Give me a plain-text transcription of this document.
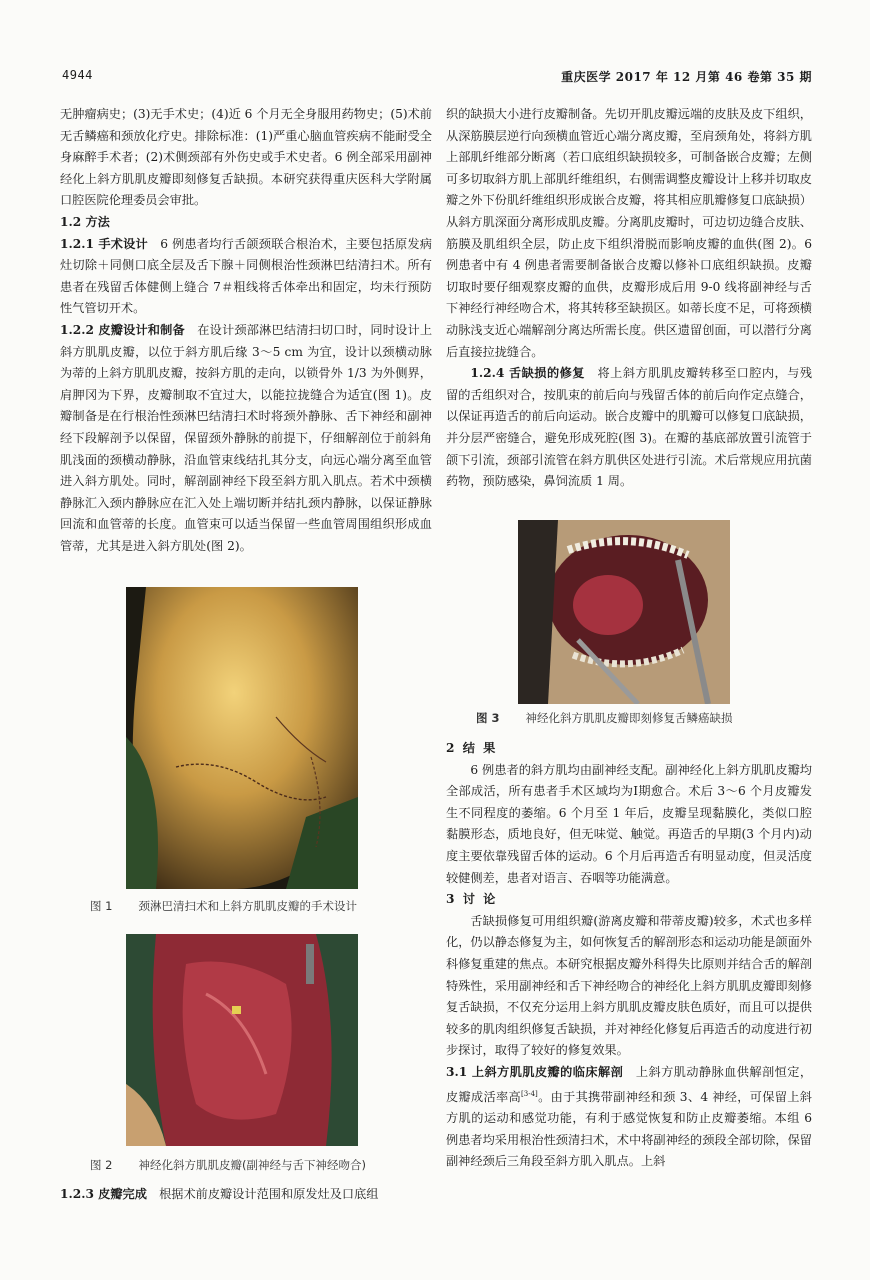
4944	重庆医学 2017 年 12 月第 46 卷第 35 期

无肿瘤病史；(3)无手术史；(4)近 6 个月无全身服用药物史；(5)术前无舌鳞癌和颈放化疗史。排除标准：(1)严重心脑血管疾病不能耐受全身麻醉手术者；(2)术侧颈部有外伤史或手术史者。6 例全部采用副神经化上斜方肌肌皮瓣即刻修复舌缺损。本研究获得重庆医科大学附属口腔医院伦理委员会审批。

1.2 方法

1.2.1 手术设计　 6 例患者均行舌颌颈联合根治术，主要包括原发病灶切除＋同侧口底全层及舌下腺＋同侧根治性颈淋巴结清扫术。所有患者在残留舌体健侧上缝合 7＃粗线将舌体牵出和固定，均未行预防性气管切开术。

1.2.2 皮瓣设计和制备　 在设计颈部淋巴结清扫切口时，同时设计上斜方肌肌皮瓣，以位于斜方肌后缘 3～5 cm 为宜，设计以颈横动脉为蒂的上斜方肌肌皮瓣，按斜方肌的走向，以锁骨外 1/3 为外侧界，肩胛冈为下界，皮瓣制取不宜过大，以能拉拢缝合为适宜(图 1)。皮瓣制备是在行根治性颈淋巴结清扫术时将颈外静脉、舌下神经和副神经下段解剖予以保留，保留颈外静脉的前提下，仔细解剖位于前斜角肌浅面的颈横动静脉，沿血管束线结扎其分支，向远心端分离至血管进入斜方肌处。同时，解剖副神经下段至斜方肌入肌点。若术中颈横静脉汇入颈内静脉应在汇入处上端切断并结扎颈内静脉，以保证静脉回流和血管蒂的长度。血管束可以适当保留一些血管周围组织形成血管蒂，尤其是进入斜方肌处(图 2)。

图 1 颈淋巴清扫术和上斜方肌肌皮瓣的手术设计
图 2 神经化斜方肌肌皮瓣(副神经与舌下神经吻合)
1.2.3 皮瓣完成　 根据术前皮瓣设计范围和原发灶及口底组

织的缺损大小进行皮瓣制备。先切开肌皮瓣远端的皮肤及皮下组织，从深筋膜层逆行向颈横血管近心端分离皮瓣，至肩颈角处，将斜方肌上部肌纤维部分断离（若口底组织缺损较多，可制备嵌合皮瓣；左侧可多切取斜方肌上部肌纤维组织，右侧需调整皮瓣设计上移并切取皮瓣之外下份肌纤维组织形成嵌合皮瓣，将其相应肌瓣修复口底缺损）从斜方肌深面分离形成肌皮瓣。分离肌皮瓣时，可边切边缝合皮肤、筋膜及肌组织全层，防止皮下组织滑脱而影响皮瓣的血供(图 2)。6 例患者中有 4 例患者需要制备嵌合皮瓣以修补口底组织缺损。皮瓣切取时要仔细观察皮瓣的血供，皮瓣形成后用 9-0 线将副神经与舌下神经行神经吻合术，将其转移至缺损区。如蒂长度不足，可将颈横动脉浅支近心端解剖分离达所需长度。供区遗留创面，可以潜行分离后直接拉拢缝合。

1.2.4 舌缺损的修复　 将上斜方肌肌皮瓣转移至口腔内，与残留的舌组织对合，按肌束的前后向与残留舌体的前后向作定点缝合，以保证再造舌的前后向运动。嵌合皮瓣中的肌瓣可以修复口底缺损，并分层严密缝合，避免形成死腔(图 3)。在瓣的基底部放置引流管于颌下引流，颈部引流管在斜方肌供区处进行引流。术后常规应用抗菌药物，预防感染，鼻饲流质 1 周。

图 3 神经化斜方肌肌皮瓣即刻修复舌鳞癌缺损

2 结 果

6 例患者的斜方肌均由副神经支配。副神经化上斜方肌肌皮瓣均全部成活，所有患者手术区域均为Ⅰ期愈合。术后 3～6 个月皮瓣发生不同程度的萎缩。6 个月至 1 年后，皮瓣呈现黏膜化，类似口腔黏膜形态，质地良好，但无味觉、触觉。再造舌的早期(3 个月内)动度主要依靠残留舌体的运动。6 个月后再造舌有明显动度，但灵活度较健侧差，患者对语言、吞咽等功能满意。

3 讨 论

舌缺损修复可用组织瓣(游离皮瓣和带蒂皮瓣)较多，术式也多样化，仍以静态修复为主，如何恢复舌的解剖形态和运动功能是颌面外科修复重建的焦点。本研究根据皮瓣外科得失比原则并结合舌的解剖特殊性，采用副神经和舌下神经吻合的神经化上斜方肌肌皮瓣即刻修复舌缺损，不仅充分运用上斜方肌肌皮瓣皮肤色质好，而且可以提供较多的肌肉组织修复舌缺损，并对神经化修复后再造舌的动度进行初步探讨，取得了较好的修复效果。

3.1 上斜方肌肌皮瓣的临床解剖　 上斜方肌动静脉血供解剖恒定，皮瓣成活率高[3-4]。由于其携带副神经和颈 3、4 神经，可保留上斜方肌的运动和感觉功能，有利于感觉恢复和防止皮瓣萎缩。本组 6 例患者均采用根治性颈清扫术，术中将副神经的颈段全部切除，保留副神经颈后三角段至斜方肌入肌点。上斜
